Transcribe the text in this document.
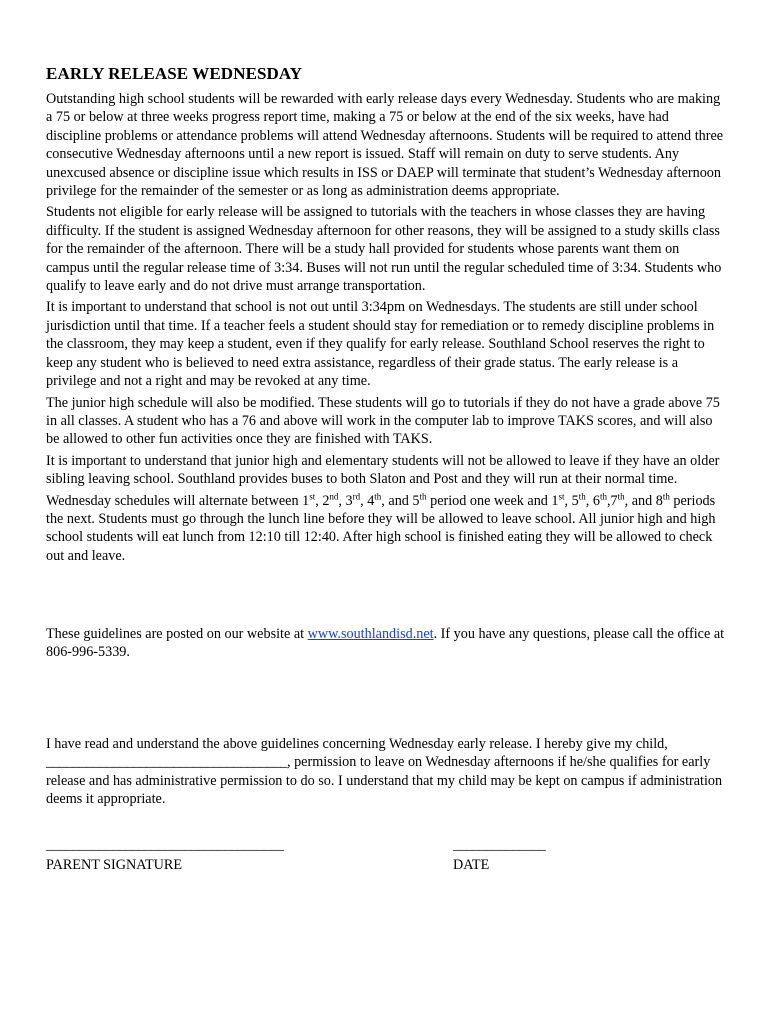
EARLY RELEASE WEDNESDAY

Outstanding high school students will be rewarded with early release days every Wednesday. Students who are making a 75 or below at three weeks progress report time, making a 75 or below at the end of the six weeks, have had discipline problems or attendance problems will attend Wednesday afternoons. Students will be required to attend three consecutive Wednesday afternoons until a new report is issued. Staff will remain on duty to serve students. Any unexcused absence or discipline issue which results in ISS or DAEP will terminate that student’s Wednesday afternoon privilege for the remainder of the semester or as long as administration deems appropriate.

Students not eligible for early release will be assigned to tutorials with the teachers in whose classes they are having difficulty. If the student is assigned Wednesday afternoon for other reasons, they will be assigned to a study skills class for the remainder of the afternoon. There will be a study hall provided for students whose parents want them on campus until the regular release time of 3:34. Buses will not run until the regular scheduled time of 3:34. Students who qualify to leave early and do not drive must arrange transportation.

It is important to understand that school is not out until 3:34pm on Wednesdays. The students are still under school jurisdiction until that time. If a teacher feels a student should stay for remediation or to remedy discipline problems in the classroom, they may keep a student, even if they qualify for early release. Southland School reserves the right to keep any student who is believed to need extra assistance, regardless of their grade status. The early release is a privilege and not a right and may be revoked at any time.

The junior high schedule will also be modified. These students will go to tutorials if they do not have a grade above 75 in all classes. A student who has a 76 and above will work in the computer lab to improve TAKS scores, and will also be allowed to other fun activities once they are finished with TAKS.

It is important to understand that junior high and elementary students will not be allowed to leave if they have an older sibling leaving school. Southland provides buses to both Slaton and Post and they will run at their normal time.

Wednesday schedules will alternate between 1st, 2nd, 3rd, 4th, and 5th period one week and 1st, 5th, 6th,7th, and 8th periods the next. Students must go through the lunch line before they will be allowed to leave school. All junior high and high school students will eat lunch from 12:10 till 12:40. After high school is finished eating they will be allowed to check out and leave.

These guidelines are posted on our website at www.southlandisd.net. If you have any questions, please call the office at 806-996-5339.

I have read and understand the above guidelines concerning Wednesday early release. I hereby give my child, ____________________________________, permission to leave on Wednesday afternoons if he/she qualifies for early release and has administrative permission to do so. I understand that my child may be kept on campus if administration deems it appropriate.

____________________________________	______________
PARENT SIGNATURE	DATE
